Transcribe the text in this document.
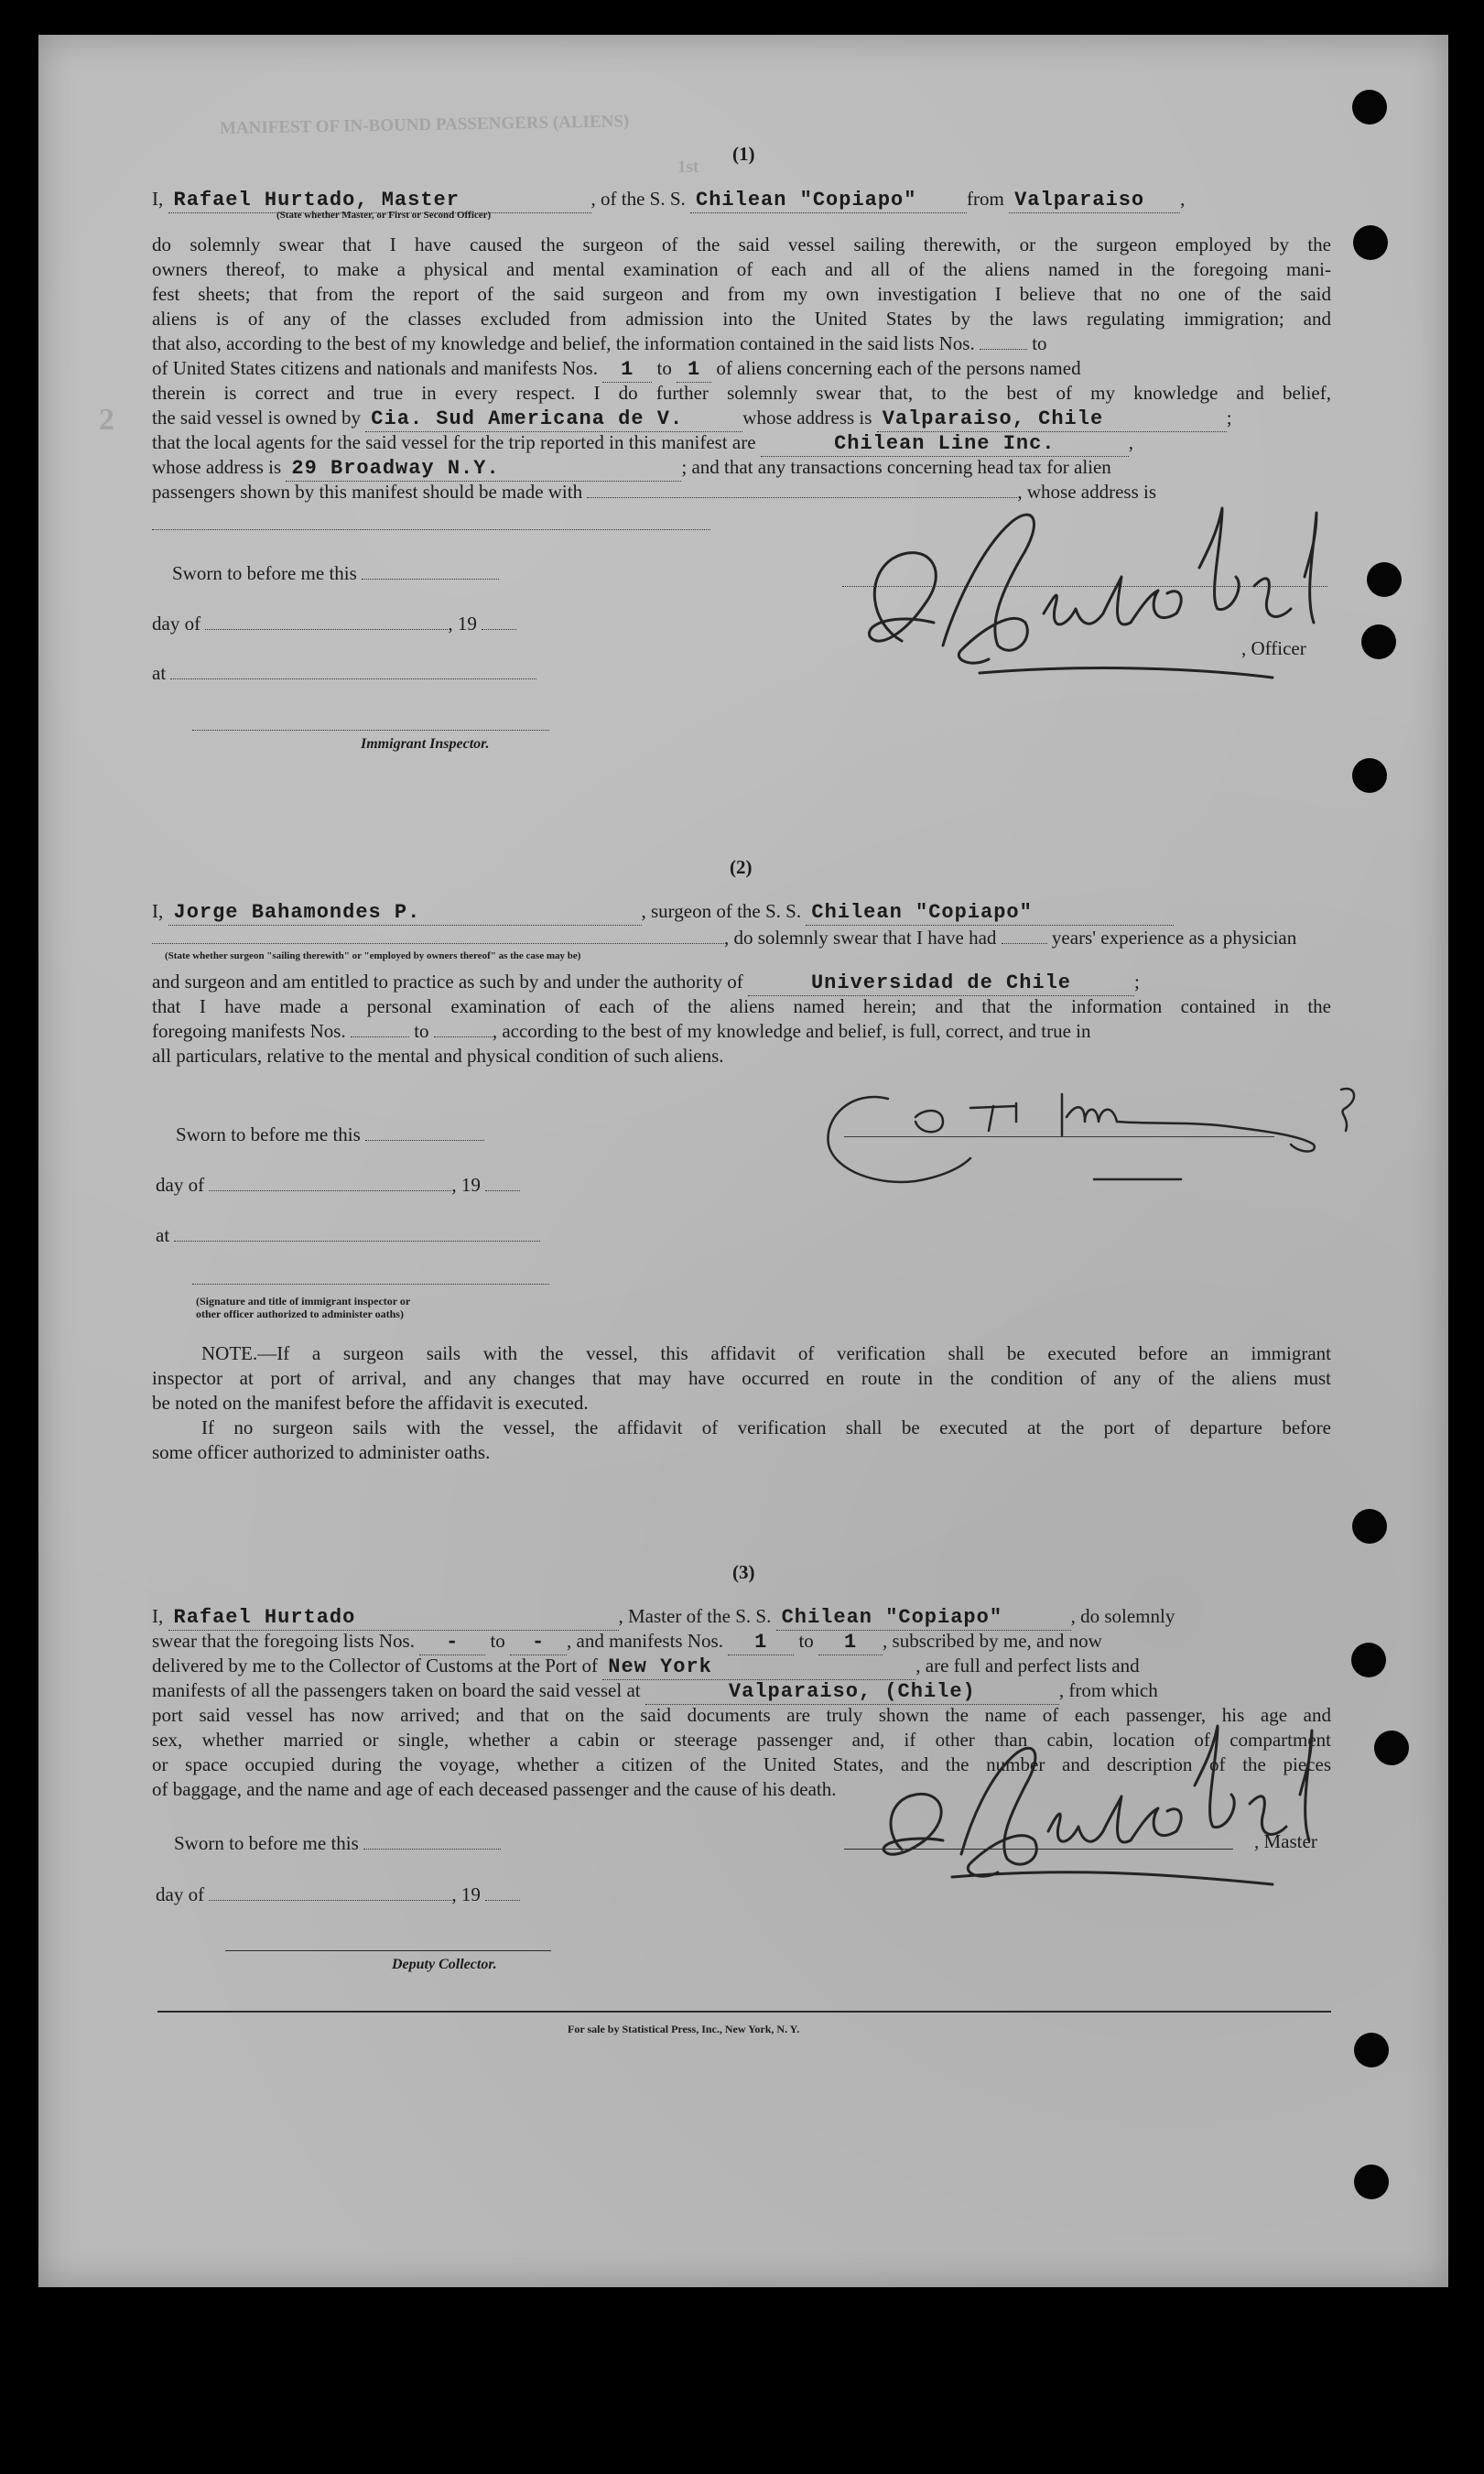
MANIFEST OF IN-BOUND PASSENGERS (ALIENS)
1st
2
(1)
I, Rafael Hurtado, Master	, of the S. S. Chilean "Copiapo"	from Valparaiso ,
(State whether Master, or First or Second Officer)
do solemnly swear that I have caused the surgeon of the said vessel sailing therewith, or the surgeon employed by the
owners thereof, to make a physical and mental examination of each and all of the aliens named in the foregoing mani-
fest sheets; that from the report of the said surgeon and from my own investigation I believe that no one of the said
aliens is of any of the classes excluded from admission into the United States by the laws regulating immigration; and
that also, according to the best of my knowledge and belief, the information contained in the said lists Nos.	to
of United States citizens and nationals and manifests Nos. 1 to 1 of aliens concerning each of the persons named
therein is correct and true in every respect. I do further solemnly swear that, to the best of my knowledge and belief,
the said vessel is owned by Cia. Sud Americana de V.	whose address is Valparaiso, Chile	;
that the local agents for the said vessel for the trip reported in this manifest are	Chilean Line Inc.	,
whose address is 29 Broadway N.Y.	; and that any transactions concerning head tax for alien
passengers shown by this manifest should be made with	, whose address is
Sworn to before me this
day of	, 19
at
Immigrant Inspector.
, Officer
(2)
I, Jorge Bahamondes P.	, surgeon of the S. S. Chilean "Copiapo"
, do solemnly swear that I have had	years' experience as a physician
(State whether surgeon "sailing therewith" or "employed by owners thereof" as the case may be)
and surgeon and am entitled to practice as such by and under the authority of	Universidad de Chile	;
that I have made a personal examination of each of the aliens named herein; and that the information contained in the
foregoing manifests Nos.	to	, according to the best of my knowledge and belief, is full, correct, and true in
all particulars, relative to the mental and physical condition of such aliens.
Sworn to before me this
day of	, 19
at
(Signature and title of immigrant inspector or
other officer authorized to administer oaths)
NOTE.—If a surgeon sails with the vessel, this affidavit of verification shall be executed before an immigrant
inspector at port of arrival, and any changes that may have occurred en route in the condition of any of the aliens must
be noted on the manifest before the affidavit is executed.
If no surgeon sails with the vessel, the affidavit of verification shall be executed at the port of departure before
some officer authorized to administer oaths.
(3)
I, Rafael Hurtado	, Master of the S. S. Chilean "Copiapo"	, do solemnly
swear that the foregoing lists Nos. - to - , and manifests Nos. 1 to 1 , subscribed by me, and now
delivered by me to the Collector of Customs at the Port of New York	, are full and perfect lists and
manifests of all the passengers taken on board the said vessel at	Valparaiso, (Chile)	, from which
port said vessel has now arrived; and that on the said documents are truly shown the name of each passenger, his age and
sex, whether married or single, whether a cabin or steerage passenger and, if other than cabin, location of compartment
or space occupied during the voyage, whether a citizen of the United States, and the number and description of the pieces
of baggage, and the name and age of each deceased passenger and the cause of his death.
Sworn to before me this
day of	, 19
Deputy Collector.
, Master
For sale by Statistical Press, Inc., New York, N. Y.
